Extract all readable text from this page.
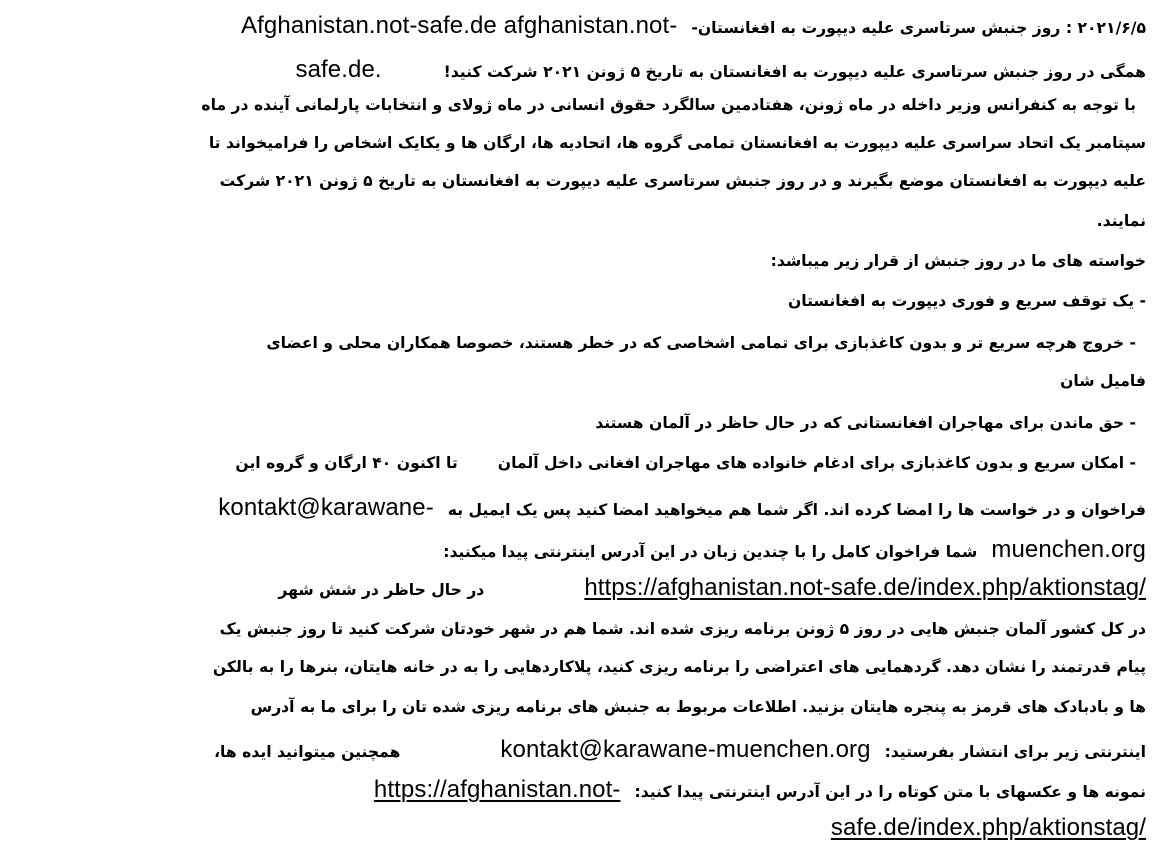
۲۰۲۱/۶/۵ : روز جنبش سرتاسری علیه دیپورت به افغانستان-
Afghanistan.not-safe.de afghanistan.not-
همگی در روز جنبش سرتاسری علیه دیپورت به افغانستان به تاریخ ۵ ژونن ۲۰۲۱ شرکت کنید!
safe.de.
با توجه به کنفرانس وزیر داخله در ماه ژونن، هفتادمین سالگرد حقوق انسانی در ماه ژولای و انتخابات پارلمانی آینده در ماه
سپتامبر یک اتحاد سراسری علیه دیپورت به افغانستان تمامی گروه ها، اتحادیه ها، ارگان ها و یکایک اشخاص را فرامیخواند تا
علیه دیپورت به افغانستان موضع بگیرند و در روز جنبش سرتاسری علیه دیپورت به افغانستان به تاریخ ۵ ژونن ۲۰۲۱ شرکت
نمایند.
خواسته های ما در روز جنبش از قرار زیر میباشد:
- یک توقف سریع و فوری دیپورت به افغانستان
- خروج هرچه سریع تر و بدون کاغذبازی برای تمامی اشخاصی که در خطر هستند، خصوصا همکاران محلی و اعضای
فامیل شان
- حق ماندن برای مهاجران افغانستانی که در حال حاظر در آلمان هستند
- امکان سریع و بدون کاغذبازی برای ادغام خانواده های مهاجران افغانی داخل آلمان
تا اکنون ۴۰ ارگان و گروه این
فراخوان و در خواست ها را امضا کرده اند. اگر شما هم میخواهید امضا کنید پس یک ایمیل به
kontakt@karawane-
muenchen.org
شما فراخوان کامل را با چندین زبان در این آدرس اینترنتی پیدا میکنید:
https://afghanistan.not-safe.de/index.php/aktionstag/
در حال حاظر در شش شهر
در کل کشور آلمان جنبش هایی در روز ۵ ژونن برنامه ریزی شده اند. شما هم در شهر خودتان شرکت کنید تا روز جنبش یک
پیام قدرتمند را نشان دهد. گردهمایی های اعتراضی را برنامه ریزی کنید، پلاکاردهایی را به در خانه هایتان، بنرها را به بالکن
ها و بادبادک های قرمز به پنجره هایتان بزنید. اطلاعات مربوط به جنبش های برنامه ریزی شده تان را برای ما به آدرس
اینترنتی زیر برای انتشار بفرستید:
kontakt@karawane-muenchen.org
همچنین میتوانید ایده ها،
نمونه ها و عکسهای با متن کوتاه را در این آدرس اینترنتی پیدا کنید:
https://afghanistan.not-
safe.de/index.php/aktionstag/
